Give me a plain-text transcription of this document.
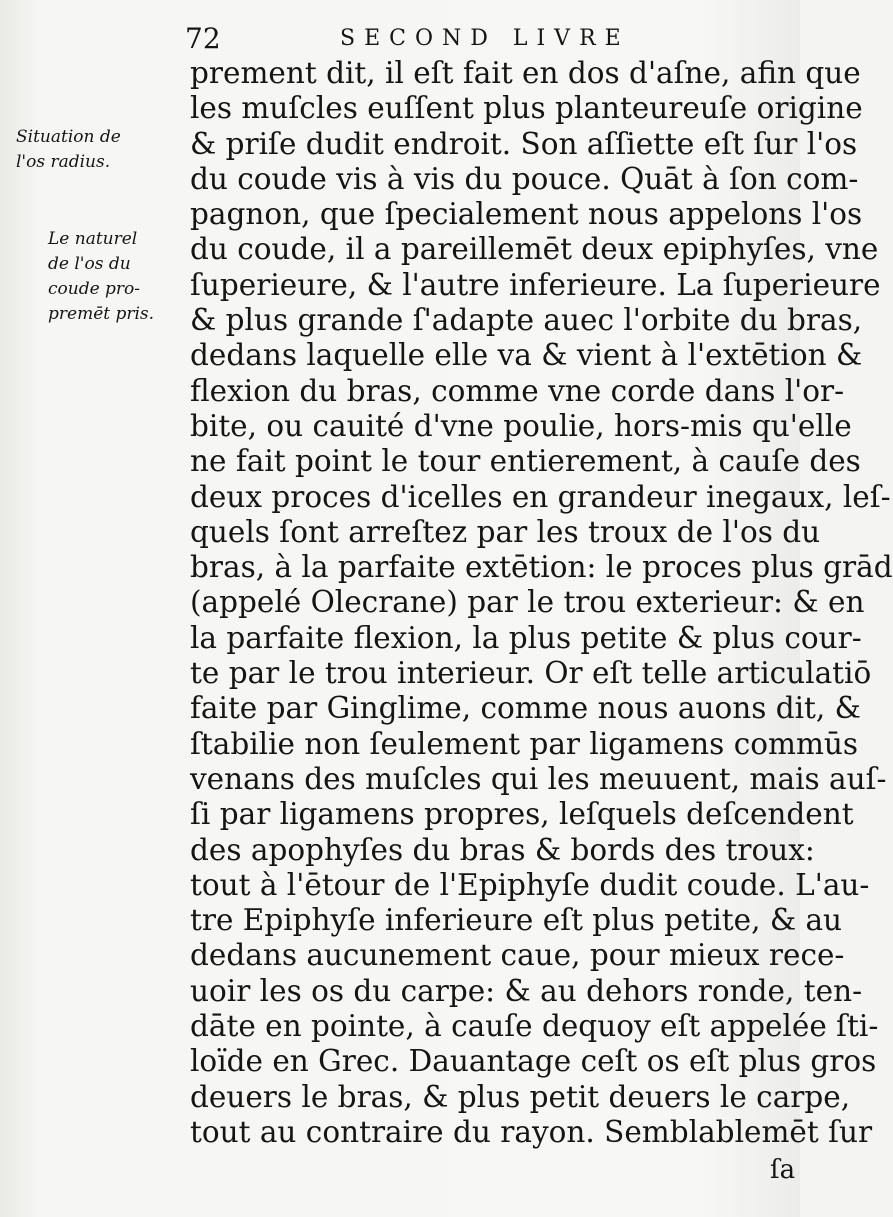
72	SECOND LIVRE
Situation de
l'os radius.
Le naturel
de l'os du
coude pro-
premēt pris.
prement dit, il eſt fait en dos d'aſne, afin que
les muſcles euſſent plus planteureuſe origine
& priſe dudit endroit. Son aſſiette eſt ſur l'os
du coude vis à vis du pouce. Quāt à ſon com-
pagnon, que ſpecialement nous appelons l'os
du coude, il a pareillemēt deux epiphyſes, vne
ſuperieure, & l'autre inferieure. La ſuperieure
& plus grande ſ'adapte auec l'orbite du bras,
dedans laquelle elle va & vient à l'extētion &
flexion du bras, comme vne corde dans l'or-
bite, ou cauité d'vne poulie, hors-mis qu'elle
ne fait point le tour entierement, à cauſe des
deux proces d'icelles en grandeur inegaux, leſ-
quels ſont arreſtez par les troux de l'os du
bras, à la parfaite extētion: le proces plus grād
(appelé Olecrane) par le trou exterieur: & en
la parfaite flexion, la plus petite & plus cour-
te par le trou interieur. Or eſt telle articulatiō
faite par Ginglime, comme nous auons dit, &
ſtabilie non ſeulement par ligamens commūs
venans des muſcles qui les meuuent, mais auſ-
ſi par ligamens propres, leſquels deſcendent
des apophyſes du bras & bords des troux:
tout à l'ētour de l'Epiphyſe dudit coude. L'au-
tre Epiphyſe inferieure eſt plus petite, & au
dedans aucunement caue, pour mieux rece-
uoir les os du carpe: & au dehors ronde, ten-
dāte en pointe, à cauſe dequoy eſt appelée ſti-
loïde en Grec. Dauantage ceſt os eſt plus gros
deuers le bras, & plus petit deuers le carpe,
tout au contraire du rayon. Semblablemēt ſur
ſa
